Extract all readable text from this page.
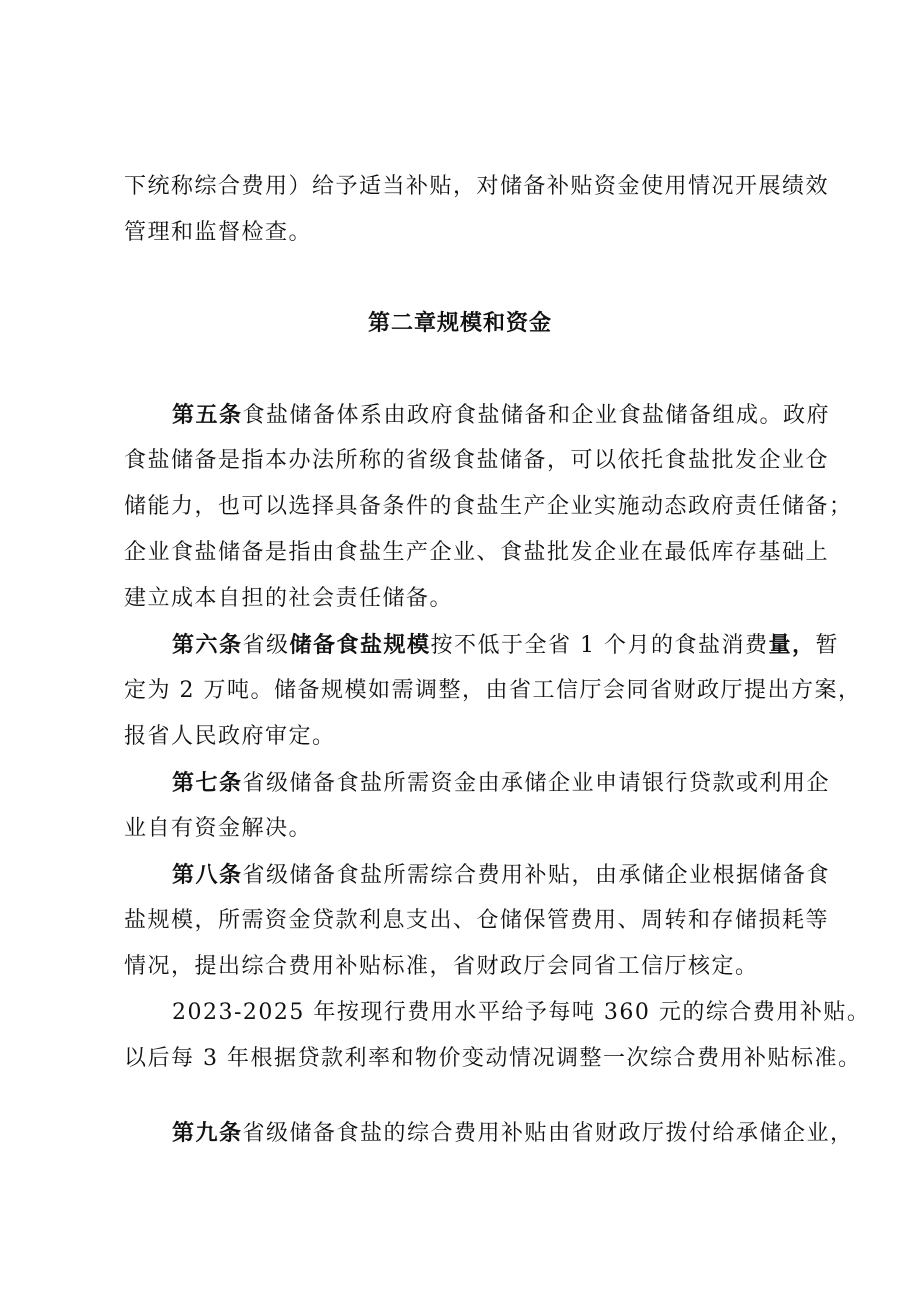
下统称综合费用）给予适当补贴，对储备补贴资金使用情况开展绩效
管理和监督检查。
第二章规模和资金
第五条食盐储备体系由政府食盐储备和企业食盐储备组成。政府
食盐储备是指本办法所称的省级食盐储备，可以依托食盐批发企业仓
储能力，也可以选择具备条件的食盐生产企业实施动态政府责任储备；
企业食盐储备是指由食盐生产企业、食盐批发企业在最低库存基础上
建立成本自担的社会责任储备。
第六条省级储备食盐规模按不低于全省 1 个月的食盐消费量，暂
定为 2 万吨。储备规模如需调整，由省工信厅会同省财政厅提出方案，
报省人民政府审定。
第七条省级储备食盐所需资金由承储企业申请银行贷款或利用企
业自有资金解决。
第八条省级储备食盐所需综合费用补贴，由承储企业根据储备食
盐规模，所需资金贷款利息支出、仓储保管费用、周转和存储损耗等
情况，提出综合费用补贴标准，省财政厅会同省工信厅核定。
2023-2025 年按现行费用水平给予每吨 360 元的综合费用补贴。
以后每 3 年根据贷款利率和物价变动情况调整一次综合费用补贴标准。
第九条省级储备食盐的综合费用补贴由省财政厅拨付给承储企业，
